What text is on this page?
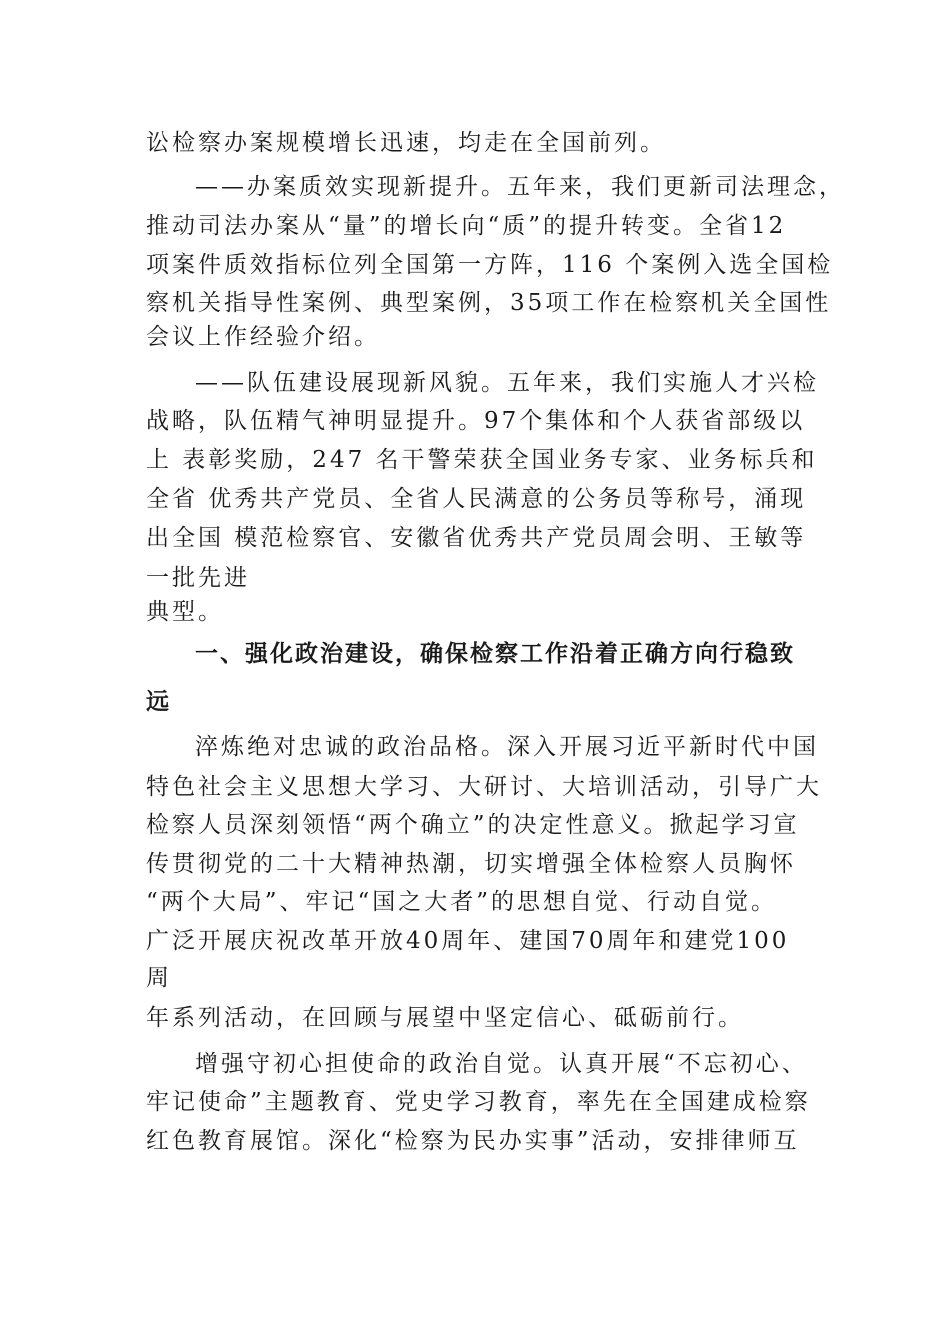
讼检察办案规模增长迅速，均走在全国前列。
——办案质效实现新提升。五年来，我们更新司法理念，
推动司法办案从“量”的增长向“质”的提升转变。全省12
项案件质效指标位列全国第一方阵，116 个案例入选全国检
察机关指导性案例、典型案例，35项工作在检察机关全国性
会议上作经验介绍。
——队伍建设展现新风貌。五年来，我们实施人才兴检
战略，队伍精气神明显提升。97个集体和个人获省部级以
上 表彰奖励，247 名干警荣获全国业务专家、业务标兵和
全省 优秀共产党员、全省人民满意的公务员等称号，涌现
出全国 模范检察官、安徽省优秀共产党员周会明、王敏等
一批先进
典型。
一、强化政治建设，确保检察工作沿着正确方向行稳致
远
淬炼绝对忠诚的政治品格。深入开展习近平新时代中国
特色社会主义思想大学习、大研讨、大培训活动，引导广大
检察人员深刻领悟“两个确立”的决定性意义。掀起学习宣
传贯彻党的二十大精神热潮，切实增强全体检察人员胸怀
“两个大局”、牢记“国之大者”的思想自觉、行动自觉。
广泛开展庆祝改革开放40周年、建国70周年和建党100
周
年系列活动，在回顾与展望中坚定信心、砥砺前行。
增强守初心担使命的政治自觉。认真开展“不忘初心、
牢记使命”主题教育、党史学习教育，率先在全国建成检察
红色教育展馆。深化“检察为民办实事”活动，安排律师互
